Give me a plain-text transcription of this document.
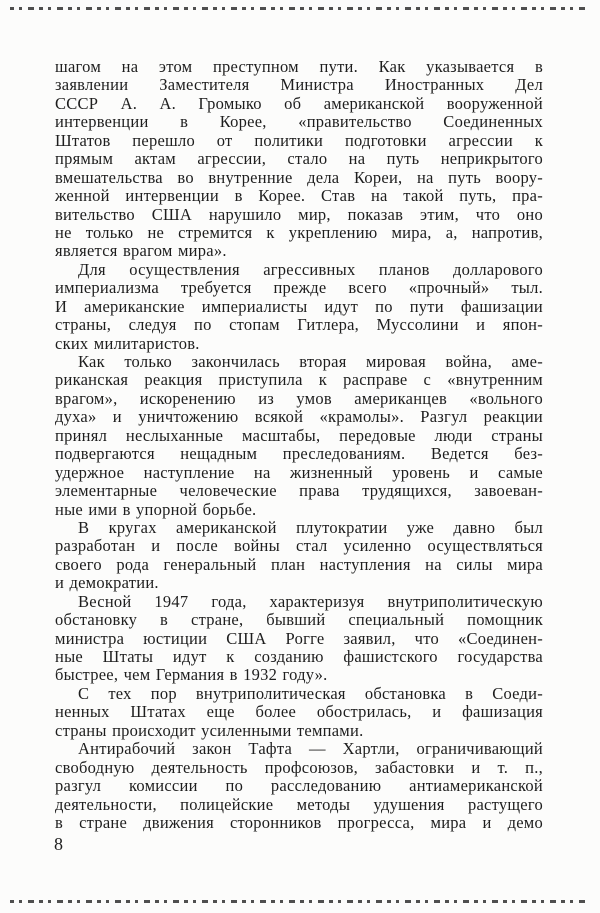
шагом на этом преступном пути. Как указывается в
заявлении Заместителя Министра Иностранных Дел
СССР А. А. Громыко об американской вооруженной
интервенции в Корее, «правительство Соединенных
Штатов перешло от политики подготовки агрессии к
прямым актам агрессии, стало на путь неприкрытого
вмешательства во внутренние дела Кореи, на путь воору-
женной интервенции в Корее. Став на такой путь, пра-
вительство США нарушило мир, показав этим, что оно
не только не стремится к укреплению мира, а, напротив,
является врагом мира».
Для осуществления агрессивных планов долларового
империализма требуется прежде всего «прочный» тыл.
И американские империалисты идут по пути фашизации
страны, следуя по стопам Гитлера, Муссолини и япон-
ских милитаристов.
Как только закончилась вторая мировая война, аме-
риканская реакция приступила к расправе с «внутренним
врагом», искоренению из умов американцев «вольного
духа» и уничтожению всякой «крамолы». Разгул реакции
принял неслыханные масштабы, передовые люди страны
подвергаются нещадным преследованиям. Ведется без-
удержное наступление на жизненный уровень и самые
элементарные человеческие права трудящихся, завоеван-
ные ими в упорной борьбе.
В кругах американской плутократии уже давно был
разработан и после войны стал усиленно осуществляться
своего рода генеральный план наступления на силы мира
и демократии.
Весной 1947 года, характеризуя внутриполитическую
обстановку в стране, бывший специальный помощник
министра юстиции США Рогге заявил, что «Соединен-
ные Штаты идут к созданию фашистского государства
быстрее, чем Германия в 1932 году».
С тех пор внутриполитическая обстановка в Соеди-
ненных Штатах еще более обострилась, и фашизация
страны происходит усиленными темпами.
Антирабочий закон Тафта — Хартли, ограничивающий
свободную деятельность профсоюзов, забастовки и т. п.,
разгул комиссии по расследованию антиамериканской
деятельности, полицейские методы удушения растущего
в стране движения сторонников прогресса, мира и демо
8
